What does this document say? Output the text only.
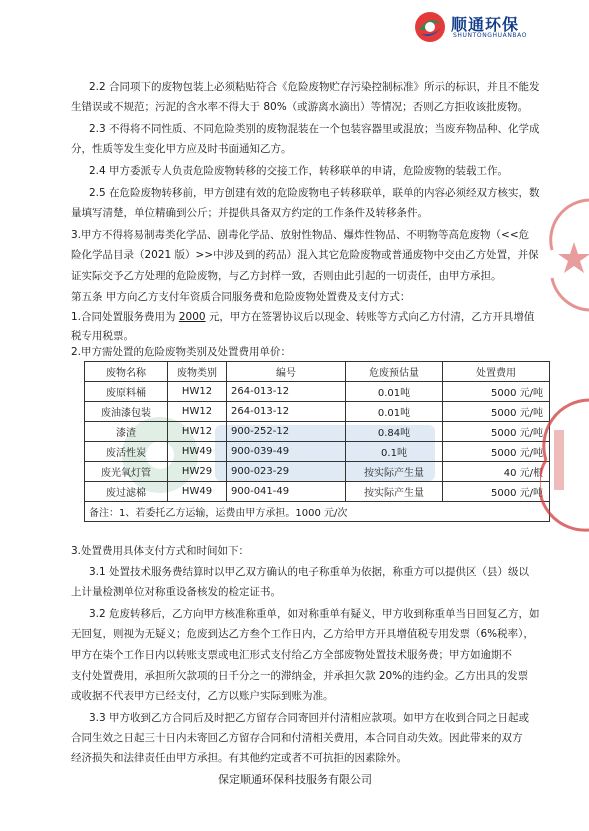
顺通环保
SHUNTONGHUANBAO
2.2 合同项下的废物包装上必须粘贴符合《危险废物贮存污染控制标准》所示的标识，并且不能发
生错误或不规范；污泥的含水率不得大于 80%（或游离水滴出）等情况；否则乙方拒收该批废物。
2.3 不得将不同性质、不同危险类别的废物混装在一个包装容器里或混放；当废弃物品种、化学成
分，性质等发生变化甲方应及时书面通知乙方。
2.4 甲方委派专人负责危险废物转移的交接工作，转移联单的申请，危险废物的装载工作。
2.5 在危险废物转移前，甲方创建有效的危险废物电子转移联单，联单的内容必须经双方核实，数
量填写清楚，单位精确到公斤；并提供具备双方约定的工作条件及转移条件。
3.甲方不得将易制毒类化学品、剧毒化学品、放射性物品、爆炸性物品、不明物等高危废物（<<危
险化学品目录（2021 版）>>中涉及到的药品）混入其它危险废物或普通废物中交由乙方处置，并保
证实际交予乙方处理的危险废物，与乙方封样一致，否则由此引起的一切责任，由甲方承担。
第五条 甲方向乙方支付年资质合同服务费和危险废物处置费及支付方式：
1.合同处置服务费用为 2000 元，甲方在签署协议后以现金、转账等方式向乙方付清，乙方开具增值
税专用税票。
2.甲方需处置的危险废物类别及处置费用单价：
废物名称	废物类别	编号	危废预估量	处置费用
废原料桶	HW12	264-013-12	0.01吨	5000 元/吨
废油漆包装	HW12	264-013-12	0.01吨	5000 元/吨
漆渣	HW12	900-252-12	0.84吨	5000 元/吨
废活性炭	HW49	900-039-49	0.1吨	5000 元/吨
废光氧灯管	HW29	900-023-29	按实际产生量	40 元/根
废过滤棉	HW49	900-041-49	按实际产生量	5000 元/吨
备注：1、若委托乙方运输，运费由甲方承担。1000 元/次				
3.处置费用具体支付方式和时间如下：
3.1 处置技术服务费结算时以甲乙双方确认的电子称重单为依据，称重方可以提供区（县）级以
上计量检测单位对称重设备核发的检定证书。
3.2 危废转移后，乙方向甲方核准称重单，如对称重单有疑义，甲方收到称重单当日回复乙方，如
无回复，则视为无疑义；危废到达乙方叁个工作日内，乙方给甲方开具增值税专用发票（6%税率），
甲方在柒个工作日内以转账支票或电汇形式支付给乙方全部废物处置技术服务费；甲方如逾期不
支付处置费用，承担所欠款项的日千分之一的滞纳金，并承担欠款 20%的违约金。乙方出具的发票
或收据不代表甲方已经支付，乙方以账户实际到账为准。
3.3 甲方收到乙方合同后及时把乙方留存合同寄回并付清相应款项。如甲方在收到合同之日起或
合同生效之日起三十日内未寄回乙方留存合同和付清相关费用，本合同自动失效。因此带来的双方
经济损失和法律责任由甲方承担。有其他约定或者不可抗拒的因素除外。
保定顺通环保科技服务有限公司
